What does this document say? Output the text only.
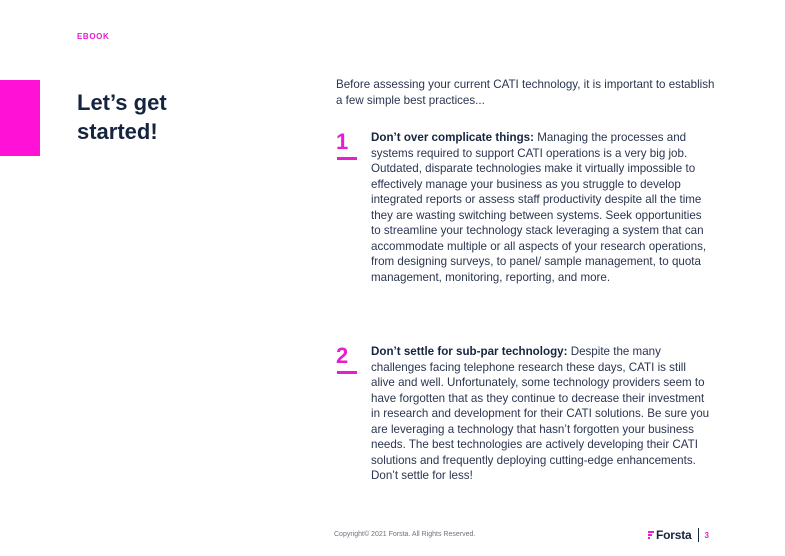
EBOOK
Let’s get
started!

Before assessing your current CATI technology, it is important to establish a few simple best practices...

1 Don’t over complicate things: Managing the processes and systems required to support CATI operations is a very big job. Outdated, disparate technologies make it virtually impossible to effectively manage your business as you struggle to develop integrated reports or assess staff productivity despite all the time they are wasting switching between systems. Seek opportunities to streamline your technology stack leveraging a system that can accommodate multiple or all aspects of your research operations, from designing surveys, to panel/ sample management, to quota management, monitoring, reporting, and more.

2 Don’t settle for sub-par technology: Despite the many challenges facing telephone research these days, CATI is still alive and well. Unfortunately, some technology providers seem to have forgotten that as they continue to decrease their investment in research and development for their CATI solutions. Be sure you are leveraging a technology that hasn’t forgotten your business needs. The best technologies are actively developing their CATI solutions and frequently deploying cutting-edge enhancements. Don’t settle for less!

Copyright© 2021 Forsta. All Rights Reserved.	Forsta 3
